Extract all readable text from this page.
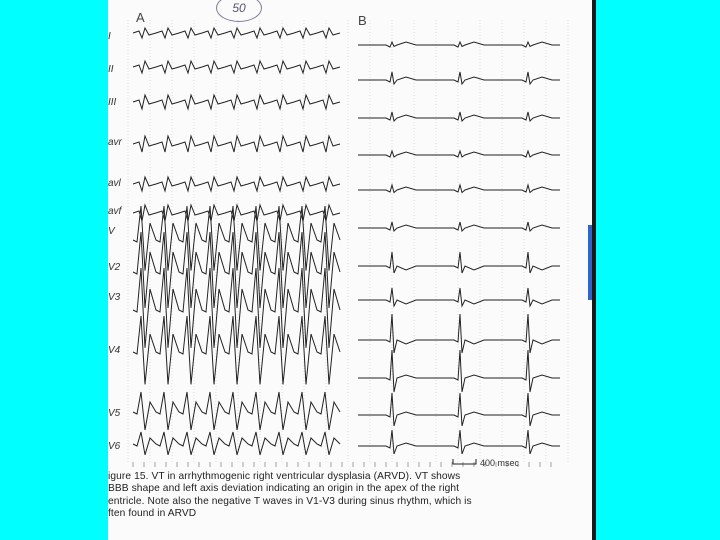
50
A	B
I
II
III
avr
avl
avf
V
V2
V3
V4
V5
V6
400 msec
igure 15. VT in arrhythmogenic right ventricular dysplasia (ARVD). VT shows
BBB shape and left axis deviation indicating an origin in the apex of the right
entricle. Note also the negative T waves in V1-V3 during sinus rhythm, which is
ften found in ARVD
